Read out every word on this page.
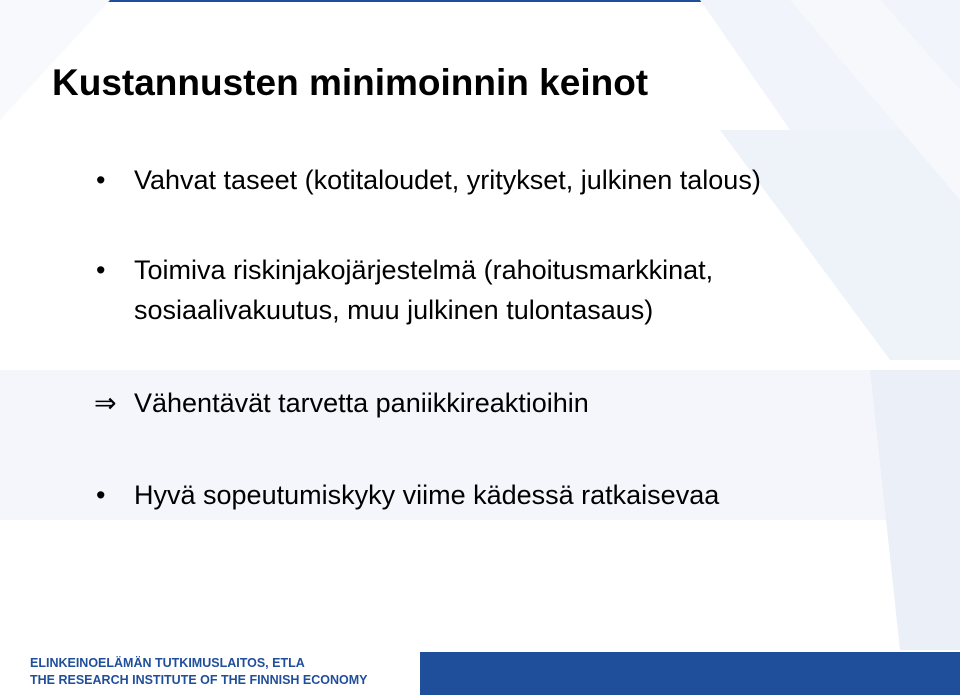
Kustannusten minimoinnin keinot
•	Vahvat taseet (kotitaloudet, yritykset, julkinen talous)
•	Toimiva riskinjakojärjestelmä (rahoitusmarkkinat,
sosiaalivakuutus, muu julkinen tulontasaus)
⇒ Vähentävät tarvetta paniikkireaktioihin
•	Hyvä sopeutumiskyky viime kädessä ratkaisevaa
ELINKEINOELÄMÄN TUTKIMUSLAITOS, ETLA
THE RESEARCH INSTITUTE OF THE FINNISH ECONOMY
